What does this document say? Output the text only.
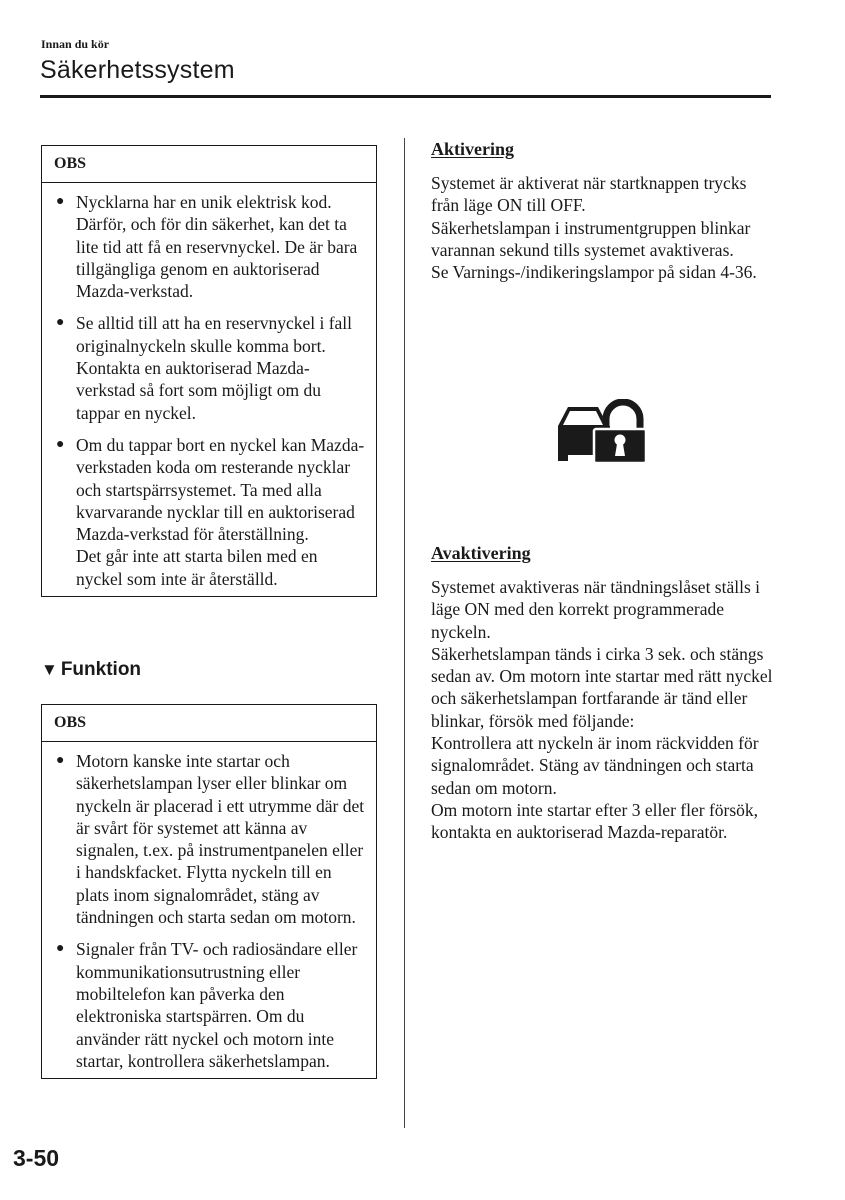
Innan du kör
Säkerhetssystem
OBS
● Nycklarna har en unik elektrisk kod. Därför, och för din säkerhet, kan det ta lite tid att få en reservnyckel. De är bara tillgängliga genom en auktoriserad Mazda-verkstad.
● Se alltid till att ha en reservnyckel i fall originalnyckeln skulle komma bort. Kontakta en auktoriserad Mazda-verkstad så fort som möjligt om du tappar en nyckel.
● Om du tappar bort en nyckel kan Mazda-verkstaden koda om resterande nycklar och startspärrsystemet. Ta med alla kvarvarande nycklar till en auktoriserad Mazda-verkstad för återställning.
Det går inte att starta bilen med en nyckel som inte är återställd.
▼ Funktion
OBS
● Motorn kanske inte startar och säkerhetslampan lyser eller blinkar om nyckeln är placerad i ett utrymme där det är svårt för systemet att känna av signalen, t.ex. på instrumentpanelen eller i handskfacket. Flytta nyckeln till en plats inom signalområdet, stäng av tändningen och starta sedan om motorn.
● Signaler från TV- och radiosändare eller kommunikationsutrustning eller mobiltelefon kan påverka den elektroniska startspärren. Om du använder rätt nyckel och motorn inte startar, kontrollera säkerhetslampan.
Aktivering

Systemet är aktiverat när startknappen trycks från läge ON till OFF.
Säkerhetslampan i instrumentgruppen blinkar varannan sekund tills systemet avaktiveras.
Se Varnings-/indikeringslampor på sidan 4-36.

Avaktivering

Systemet avaktiveras när tändningslåset ställs i läge ON med den korrekt programmerade nyckeln.
Säkerhetslampan tänds i cirka 3 sek. och stängs sedan av. Om motorn inte startar med rätt nyckel och säkerhetslampan fortfarande är tänd eller blinkar, försök med följande:
Kontrollera att nyckeln är inom räckvidden för signalområdet. Stäng av tändningen och starta sedan om motorn.
Om motorn inte startar efter 3 eller fler försök, kontakta en auktoriserad Mazda-reparatör.

3-50
